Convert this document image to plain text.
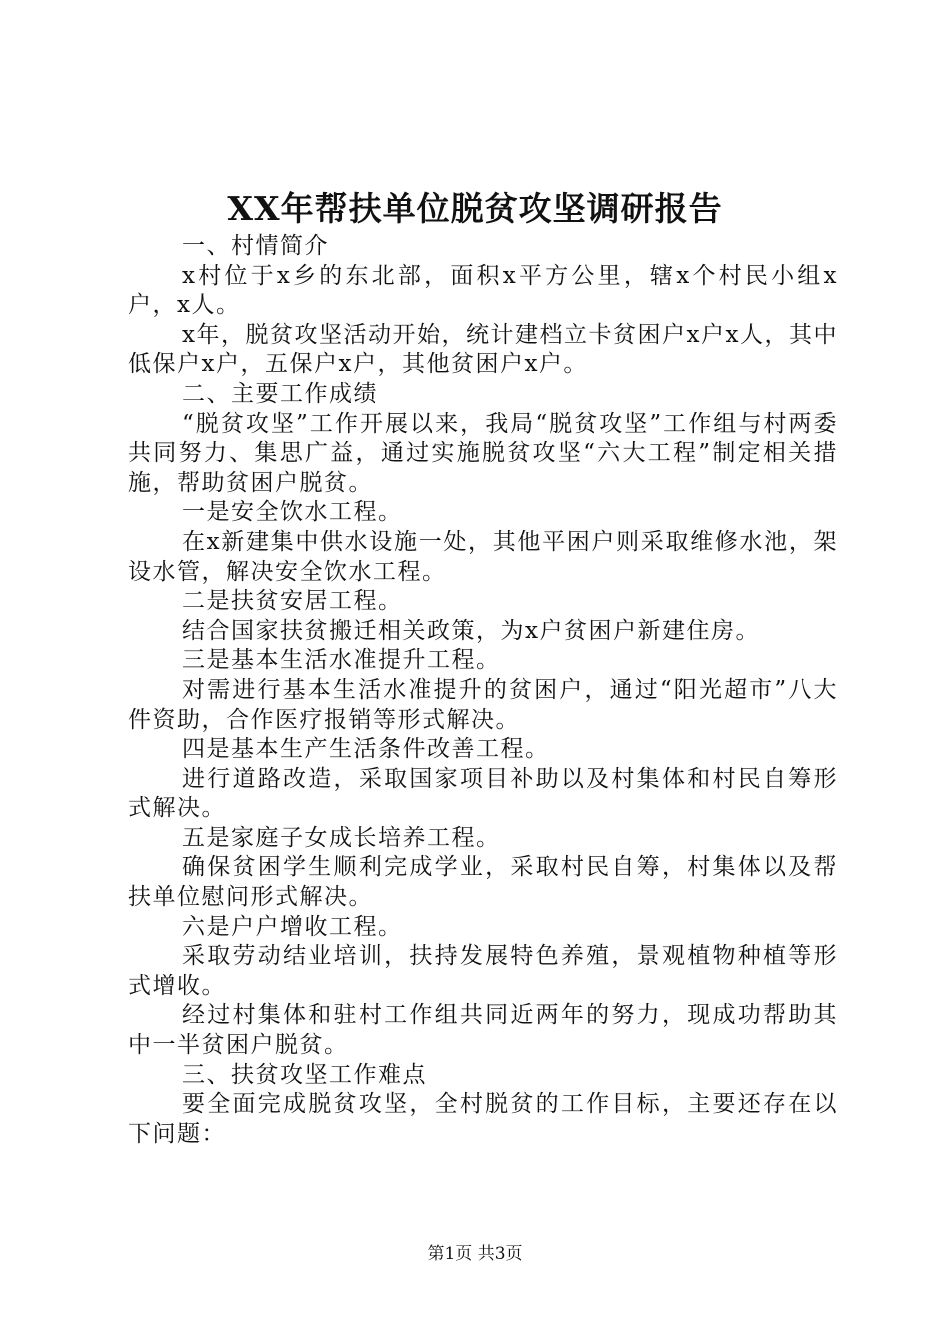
XX年帮扶单位脱贫攻坚调研报告

一、村情简介

x村位于x乡的东北部，面积x平方公里，辖x个村民小组x户，x人。

x年，脱贫攻坚活动开始，统计建档立卡贫困户x户x人，其中低保户x户，五保户x户，其他贫困户x户。

二、主要工作成绩

“脱贫攻坚”工作开展以来，我局“脱贫攻坚”工作组与村两委共同努力、集思广益，通过实施脱贫攻坚“六大工程”制定相关措施，帮助贫困户脱贫。

一是安全饮水工程。

在x新建集中供水设施一处，其他平困户则采取维修水池，架设水管，解决安全饮水工程。

二是扶贫安居工程。

结合国家扶贫搬迁相关政策，为x户贫困户新建住房。

三是基本生活水准提升工程。

对需进行基本生活水准提升的贫困户，通过“阳光超市”八大件资助，合作医疗报销等形式解决。

四是基本生产生活条件改善工程。

进行道路改造，采取国家项目补助以及村集体和村民自筹形式解决。

五是家庭子女成长培养工程。

确保贫困学生顺利完成学业，采取村民自筹，村集体以及帮扶单位慰问形式解决。

六是户户增收工程。

采取劳动结业培训，扶持发展特色养殖，景观植物种植等形式增收。

经过村集体和驻村工作组共同近两年的努力，现成功帮助其中一半贫困户脱贫。

三、扶贫攻坚工作难点

要全面完成脱贫攻坚，全村脱贫的工作目标，主要还存在以下问题：

第1页 共3页
